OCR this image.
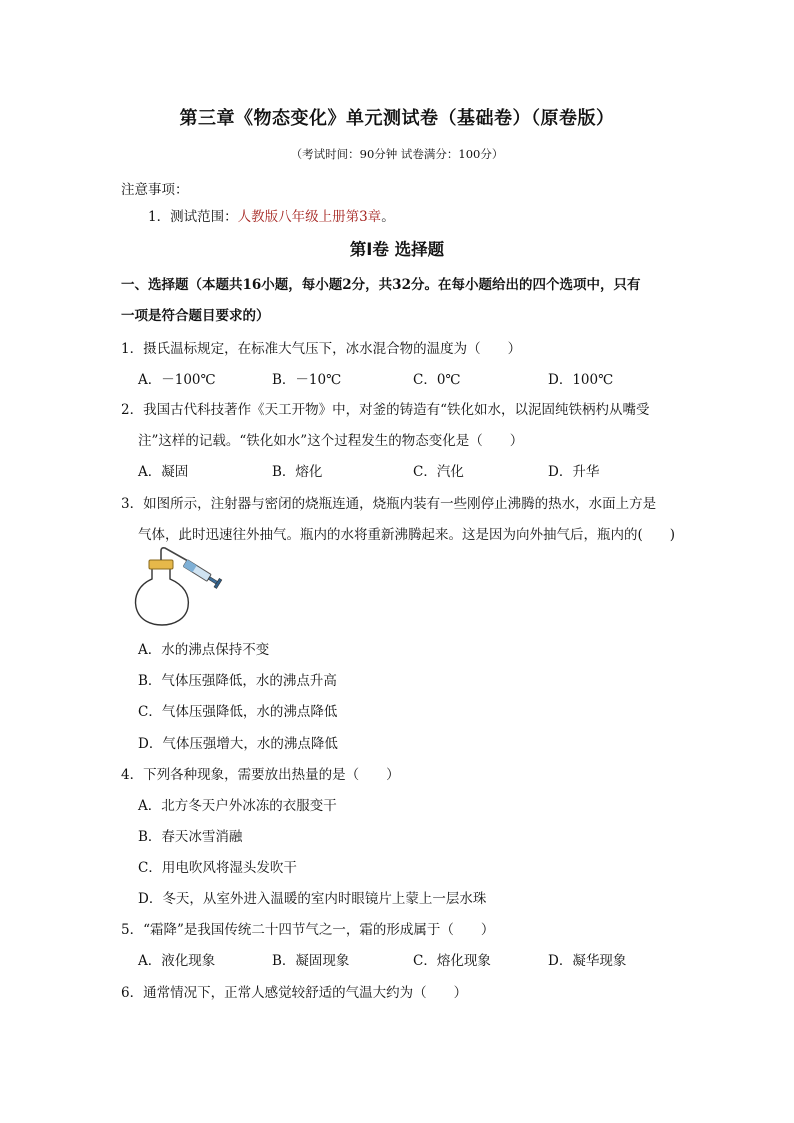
第三章《物态变化》单元测试卷（基础卷）（原卷版）
（考试时间：90分钟 试卷满分：100分）
注意事项：
1．测试范围：人教版八年级上册第3章。
第Ⅰ卷 选择题
一、选择题（本题共16小题，每小题2分，共32分。在每小题给出的四个选项中，只有
一项是符合题目要求的）
1．摄氏温标规定，在标准大气压下，冰水混合物的温度为（　　）
A．－100℃	B．－10℃	C．0℃	D．100℃
2．我国古代科技著作《天工开物》中，对釜的铸造有“铁化如水，以泥固纯铁柄杓从嘴受
注”这样的记载。“铁化如水”这个过程发生的物态变化是（　　）
A．凝固	B．熔化	C．汽化	D．升华
3．如图所示，注射器与密闭的烧瓶连通，烧瓶内装有一些刚停止沸腾的热水，水面上方是
气体，此时迅速往外抽气。瓶内的水将重新沸腾起来。这是因为向外抽气后，瓶内的(　　)
A．水的沸点保持不变
B．气体压强降低，水的沸点升高
C．气体压强降低，水的沸点降低
D．气体压强增大，水的沸点降低
4．下列各种现象，需要放出热量的是（　　）
A．北方冬天户外冰冻的衣服变干
B．春天冰雪消融
C．用电吹风将湿头发吹干
D．冬天，从室外进入温暖的室内时眼镜片上蒙上一层水珠
5．“霜降”是我国传统二十四节气之一，霜的形成属于（　　）
A．液化现象	B．凝固现象	C．熔化现象	D．凝华现象
6．通常情况下，正常人感觉较舒适的气温大约为（　　）
